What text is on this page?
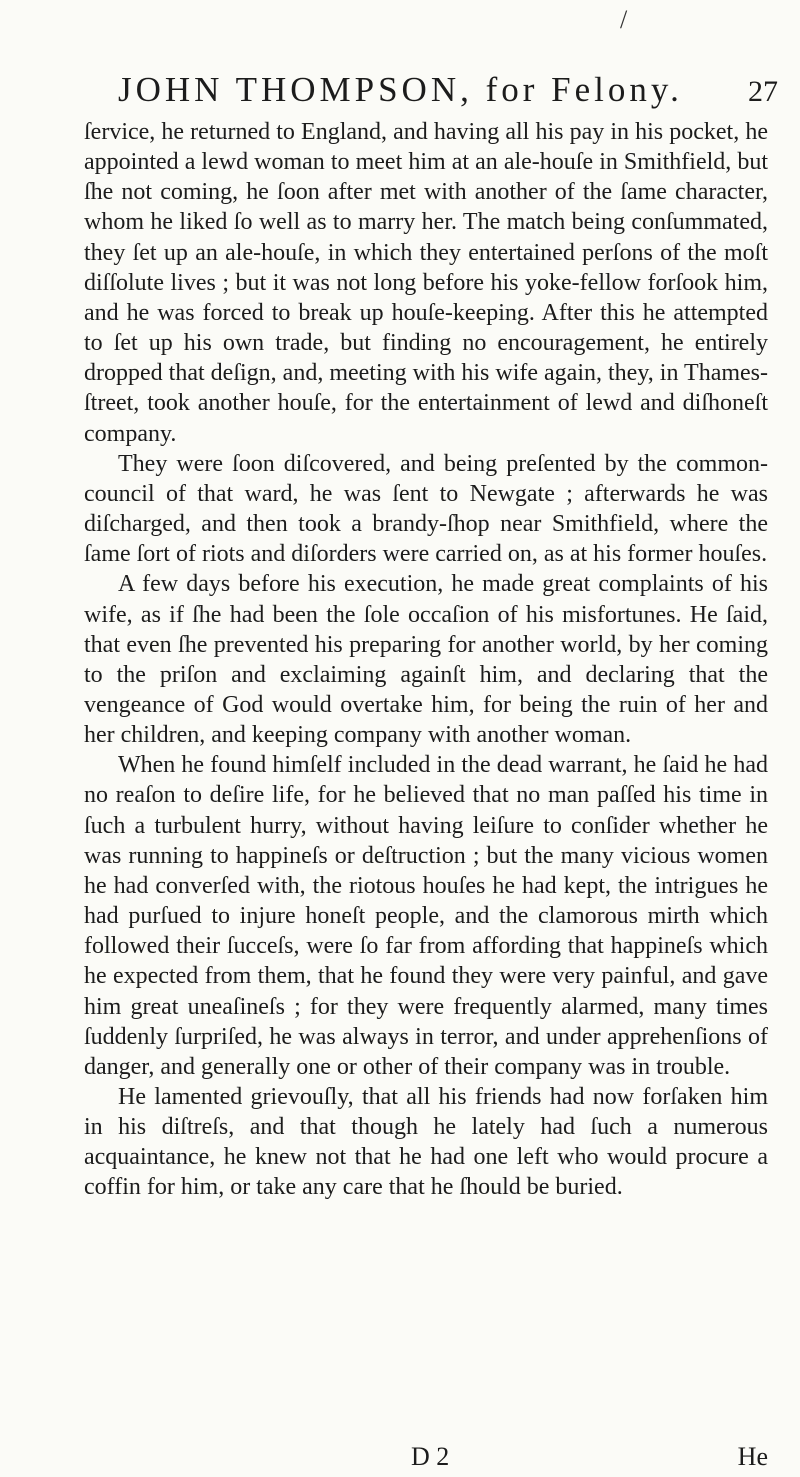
/
JOHN THOMPSON, for Felony. 27

ſervice, he returned to England, and having all his pay in his pocket, he appointed a lewd woman to meet him at an ale-houſe in Smithfield, but ſhe not coming, he ſoon after met with another of the ſame character, whom he liked ſo well as to marry her. The match being conſummated, they ſet up an ale-houſe, in which they entertained perſons of the moſt diſſolute lives ; but it was not long before his yoke-fellow forſook him, and he was forced to break up houſe-keeping. After this he attempted to ſet up his own trade, but finding no encouragement, he entirely dropped that deſign, and, meeting with his wife again, they, in Thames-ſtreet, took another houſe, for the entertainment of lewd and diſhoneſt company.

They were ſoon diſcovered, and being preſented by the common-council of that ward, he was ſent to Newgate ; afterwards he was diſcharged, and then took a brandy-ſhop near Smithfield, where the ſame ſort of riots and diſorders were carried on, as at his former houſes.

A few days before his execution, he made great complaints of his wife, as if ſhe had been the ſole occaſion of his misfortunes. He ſaid, that even ſhe prevented his preparing for another world, by her coming to the priſon and exclaiming againſt him, and declaring that the vengeance of God would overtake him, for being the ruin of her and her children, and keeping company with another woman.

When he found himſelf included in the dead warrant, he ſaid he had no reaſon to deſire life, for he believed that no man paſſed his time in ſuch a turbulent hurry, without having leiſure to conſider whether he was running to happineſs or deſtruction ; but the many vicious women he had converſed with, the riotous houſes he had kept, the intrigues he had purſued to injure honeſt people, and the clamorous mirth which followed their ſucceſs, were ſo far from affording that happineſs which he expected from them, that he found they were very painful, and gave him great uneaſineſs ; for they were frequently alarmed, many times ſuddenly ſurpriſed, he was always in terror, and under apprehenſions of danger, and generally one or other of their company was in trouble.

He lamented grievouſly, that all his friends had now forſaken him in his diſtreſs, and that though he lately had ſuch a numerous acquaintance, he knew not that he had one left who would procure a coffin for him, or take any care that he ſhould be buried.

D 2	He
